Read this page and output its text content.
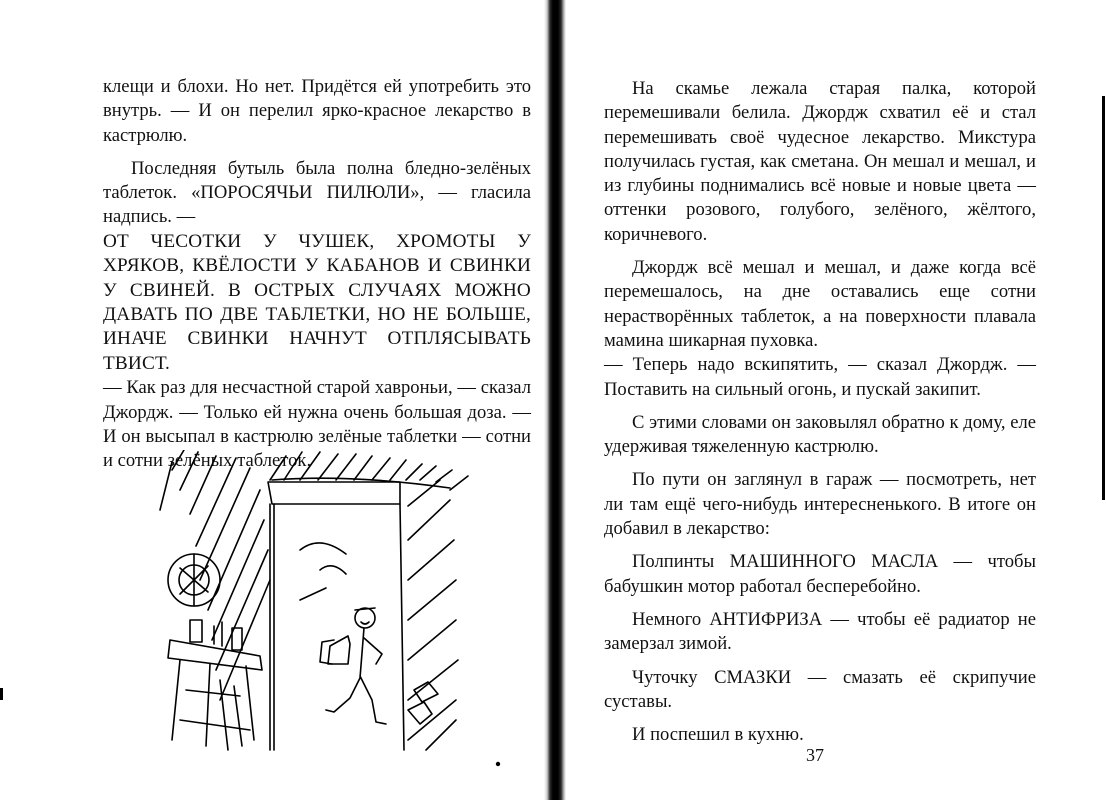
клещи и блохи. Но нет. Придётся ей употребить это внутрь. — И он перелил ярко-красное лекарство в кастрюлю.

Последняя бутыль была полна бледно-зелёных таблеток. «ПОРОСЯЧЬИ ПИЛЮЛИ», — гласила надпись. —

ОТ ЧЕСОТКИ У ЧУШЕК, ХРОМОТЫ У ХРЯКОВ, КВЁЛОСТИ У КАБАНОВ И СВИНКИ У СВИНЕЙ. В ОСТРЫХ СЛУЧАЯХ МОЖНО ДАВАТЬ ПО ДВЕ ТАБЛЕТКИ, НО НЕ БОЛЬШЕ, ИНАЧЕ СВИНКИ НАЧНУТ ОТПЛЯСЫВАТЬ ТВИСТ.

— Как раз для несчастной старой хавроньи, — сказал Джордж. — Только ей нужна очень большая доза. — И он высыпал в кастрюлю зелёные таблетки — сотни и сотни зелёных таблеток.

На скамье лежала старая палка, которой перемешивали белила. Джордж схватил её и стал перемешивать своё чудесное лекарство. Микстура получилась густая, как сметана. Он мешал и мешал, и из глубины поднимались всё новые и новые цвета — оттенки розового, голубого, зелёного, жёлтого, коричневого.

Джордж всё мешал и мешал, и даже когда всё перемешалось, на дне оставались еще сотни нерастворённых таблеток, а на поверхности плавала мамина шикарная пуховка.

— Теперь надо вскипятить, — сказал Джордж. — Поставить на сильный огонь, и пускай закипит.

С этими словами он заковылял обратно к дому, еле удерживая тяжеленную кастрюлю.

По пути он заглянул в гараж — посмотреть, нет ли там ещё чего-нибудь интересненького. В итоге он добавил в лекарство:

Полпинты МАШИННОГО МАСЛА — чтобы бабушкин мотор работал бесперебойно.

Немного АНТИФРИЗА — чтобы её радиатор не замерзал зимой.

Чуточку СМАЗКИ — смазать её скрипучие суставы.

И поспешил в кухню.

37
